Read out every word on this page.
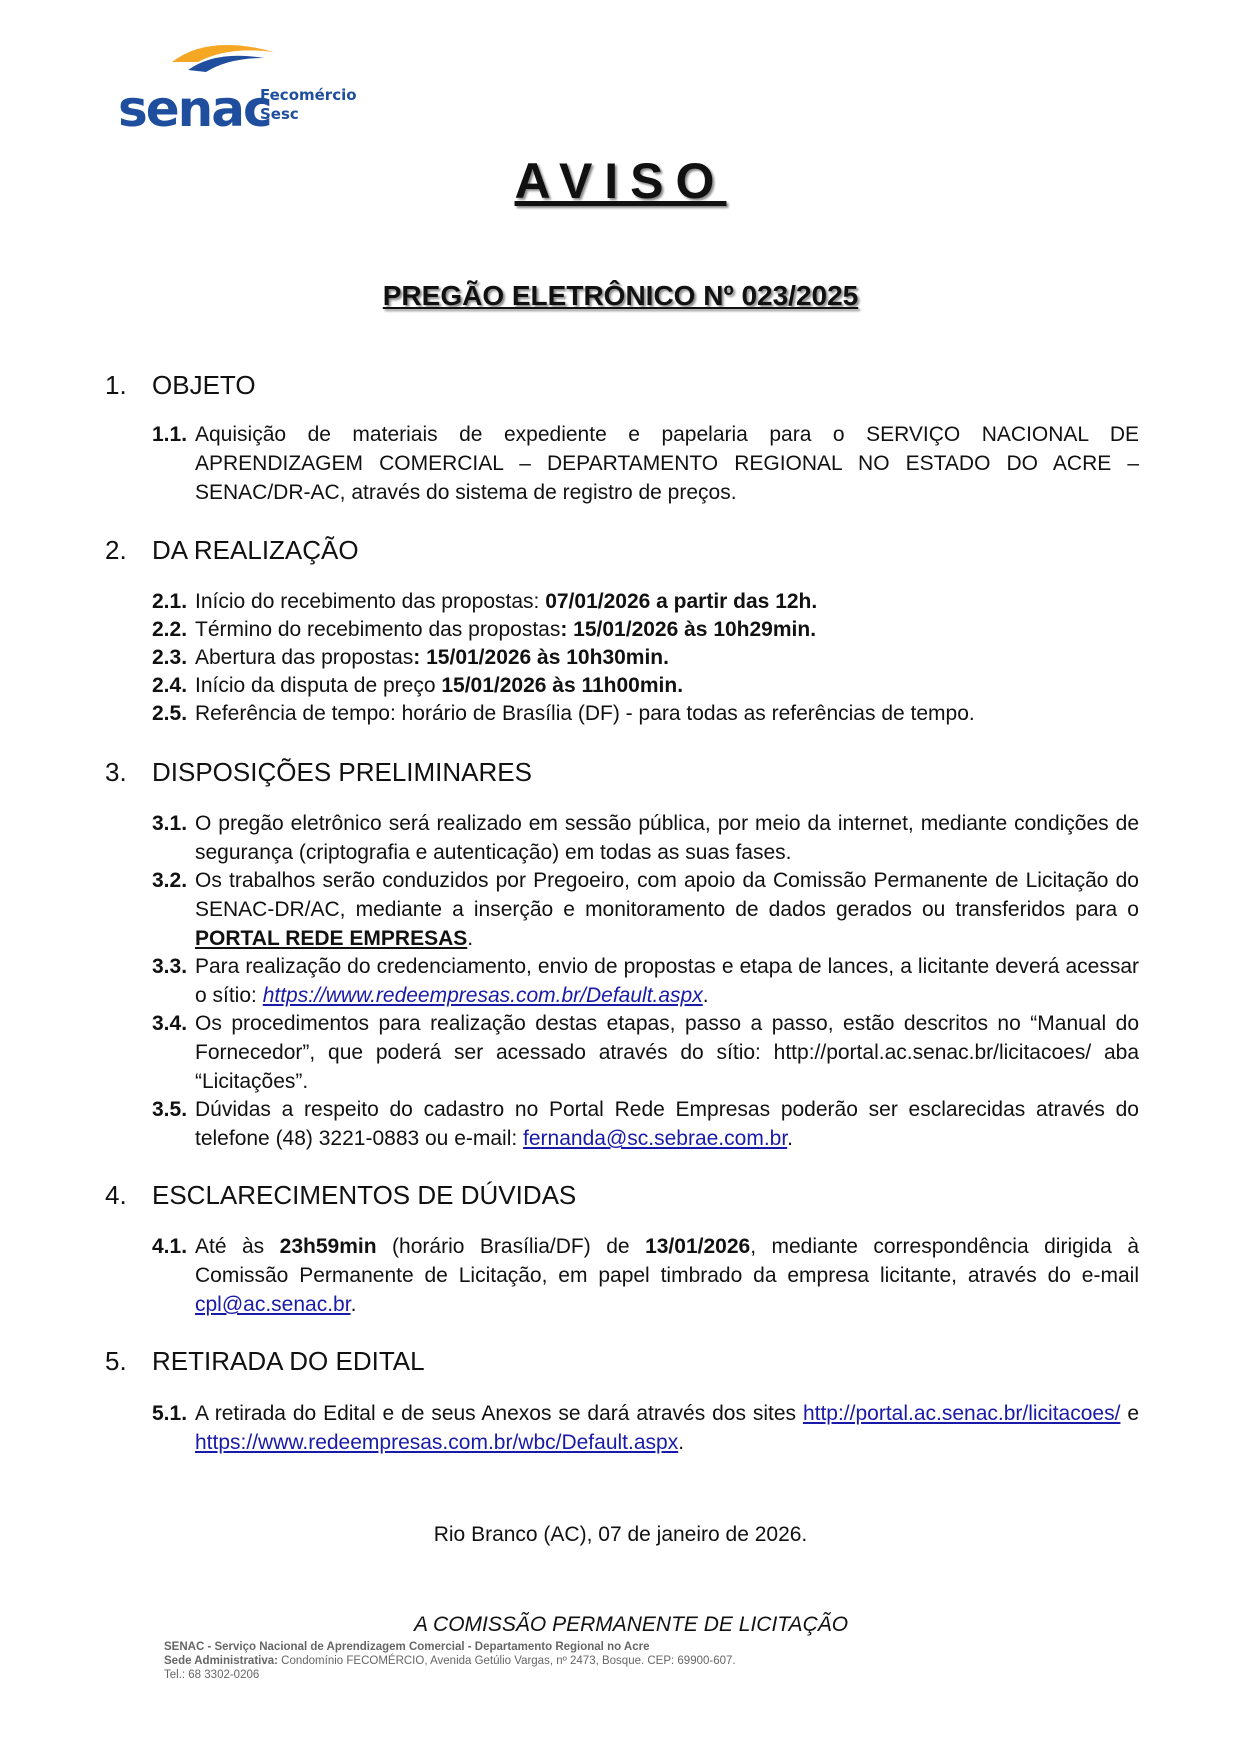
senac
Fecomércio
Sesc
AVISO
PREGÃO ELETRÔNICO Nº 023/2025
1. OBJETO
1.1. Aquisição de materiais de expediente e papelaria para o SERVIÇO NACIONAL DE APRENDIZAGEM COMERCIAL – DEPARTAMENTO REGIONAL NO ESTADO DO ACRE – SENAC/DR-AC, através do sistema de registro de preços.
2. DA REALIZAÇÃO
2.1. Início do recebimento das propostas: 07/01/2026 a partir das 12h.
2.2. Término do recebimento das propostas: 15/01/2026 às 10h29min.
2.3. Abertura das propostas: 15/01/2026 às 10h30min.
2.4. Início da disputa de preço 15/01/2026 às 11h00min.
2.5. Referência de tempo: horário de Brasília (DF) - para todas as referências de tempo.
3. DISPOSIÇÕES PRELIMINARES
3.1. O pregão eletrônico será realizado em sessão pública, por meio da internet, mediante condições de segurança (criptografia e autenticação) em todas as suas fases.
3.2. Os trabalhos serão conduzidos por Pregoeiro, com apoio da Comissão Permanente de Licitação do SENAC-DR/AC, mediante a inserção e monitoramento de dados gerados ou transferidos para o PORTAL REDE EMPRESAS.
3.3. Para realização do credenciamento, envio de propostas e etapa de lances, a licitante deverá acessar o sítio: https://www.redeempresas.com.br/Default.aspx.
3.4. Os procedimentos para realização destas etapas, passo a passo, estão descritos no “Manual do Fornecedor”, que poderá ser acessado através do sítio: http://portal.ac.senac.br/licitacoes/ aba “Licitações”.
3.5. Dúvidas a respeito do cadastro no Portal Rede Empresas poderão ser esclarecidas através do telefone (48) 3221-0883 ou e-mail: fernanda@sc.sebrae.com.br.
4. ESCLARECIMENTOS DE DÚVIDAS
4.1. Até às 23h59min (horário Brasília/DF) de 13/01/2026, mediante correspondência dirigida à Comissão Permanente de Licitação, em papel timbrado da empresa licitante, através do e-mail cpl@ac.senac.br.
5. RETIRADA DO EDITAL
5.1. A retirada do Edital e de seus Anexos se dará através dos sites http://portal.ac.senac.br/licitacoes/ e https://www.redeempresas.com.br/wbc/Default.aspx.
Rio Branco (AC), 07 de janeiro de 2026.
A COMISSÃO PERMANENTE DE LICITAÇÃO
SENAC - Serviço Nacional de Aprendizagem Comercial - Departamento Regional no Acre
Sede Administrativa: Condomínio FECOMÉRCIO, Avenida Getúlio Vargas, nº 2473, Bosque. CEP: 69900-607.
Tel.: 68 3302-0206
